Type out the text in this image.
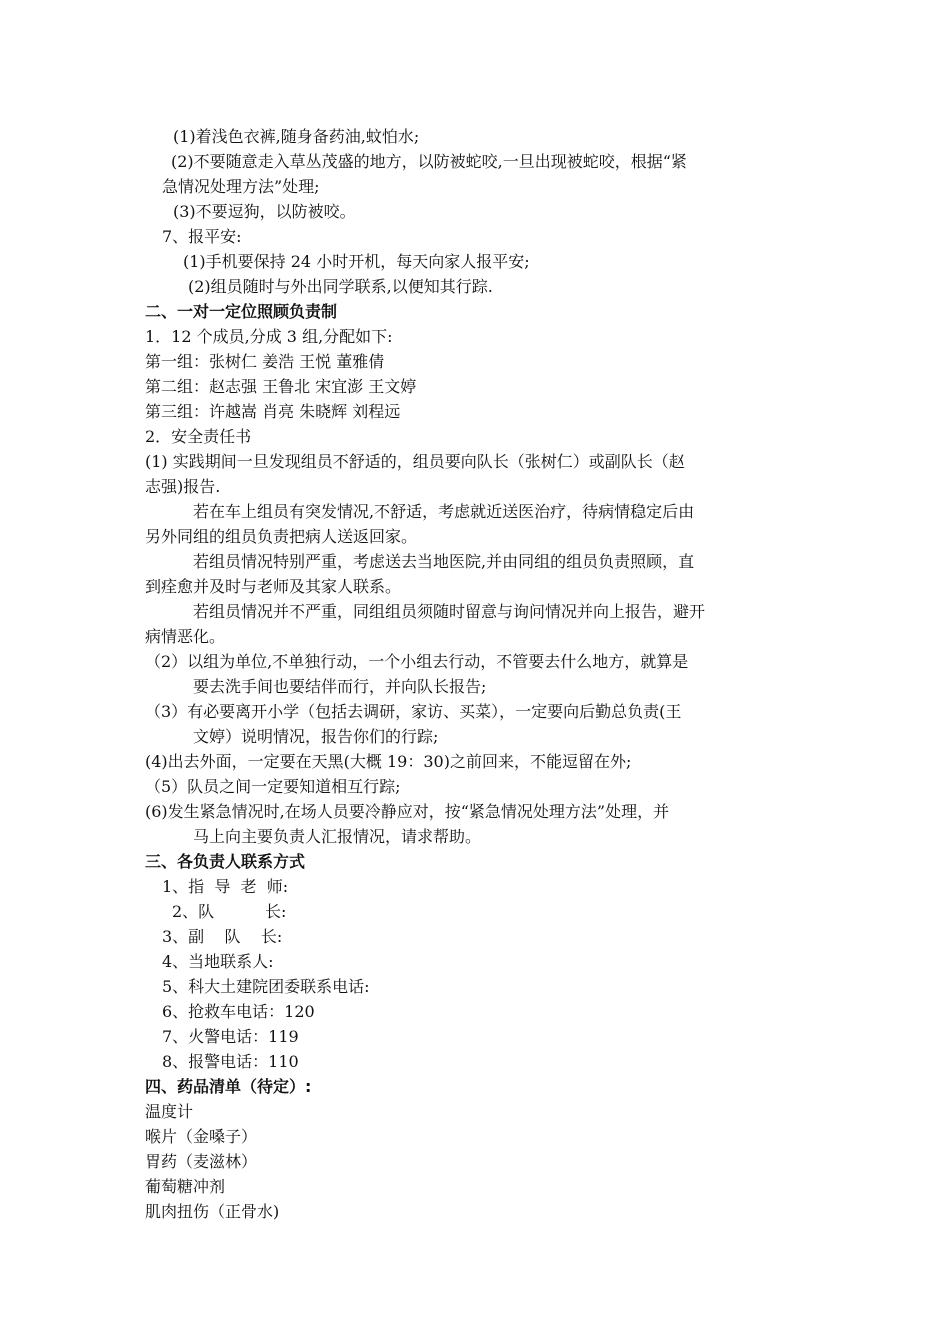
(1)着浅色衣裤,随身备药油,蚊怕水;
(2)不要随意走入草丛茂盛的地方，以防被蛇咬,一旦出现被蛇咬，根据“紧
急情况处理方法”处理;
(3)不要逗狗，以防被咬。
7、报平安:
(1)手机要保持 24 小时开机，每天向家人报平安;
(2)组员随时与外出同学联系,以便知其行踪.
二、一对一定位照顾负责制
1．12 个成员,分成 3 组,分配如下:
第一组：张树仁 姜浩 王悦 董雅倩
第二组：赵志强 王鲁北 宋宜澎 王文婷
第三组：许越嵩 肖亮 朱晓辉 刘程远
2．安全责任书
(1) 实践期间一旦发现组员不舒适的，组员要向队长（张树仁）或副队长（赵
志强)报告.
若在车上组员有突发情况,不舒适，考虑就近送医治疗，待病情稳定后由
另外同组的组员负责把病人送返回家。
若组员情况特别严重，考虑送去当地医院,并由同组的组员负责照顾，直
到痊愈并及时与老师及其家人联系。
若组员情况并不严重，同组组员须随时留意与询问情况并向上报告，避开
病情恶化。
（2）以组为单位,不单独行动，一个小组去行动，不管要去什么地方，就算是
要去洗手间也要结伴而行，并向队长报告;
（3）有必要离开小学（包括去调研，家访、买菜），一定要向后勤总负责(王
文婷）说明情况，报告你们的行踪;
(4)出去外面，一定要在天黑(大概 19：30)之前回来，不能逗留在外;
（5）队员之间一定要知道相互行踪;
(6)发生紧急情况时,在场人员要冷静应对，按“紧急情况处理方法”处理，并
马上向主要负责人汇报情况，请求帮助。
三、各负责人联系方式
1、指  导  老  师:
2、队          长:
3、副    队    长:
4、当地联系人:
5、科大土建院团委联系电话:
6、抢救车电话：120
7、火警电话：119
8、报警电话：110
四、药品清单（待定）:
温度计
喉片（金嗓子）
胃药（麦滋林）
葡萄糖冲剂
肌肉扭伤（正骨水)
